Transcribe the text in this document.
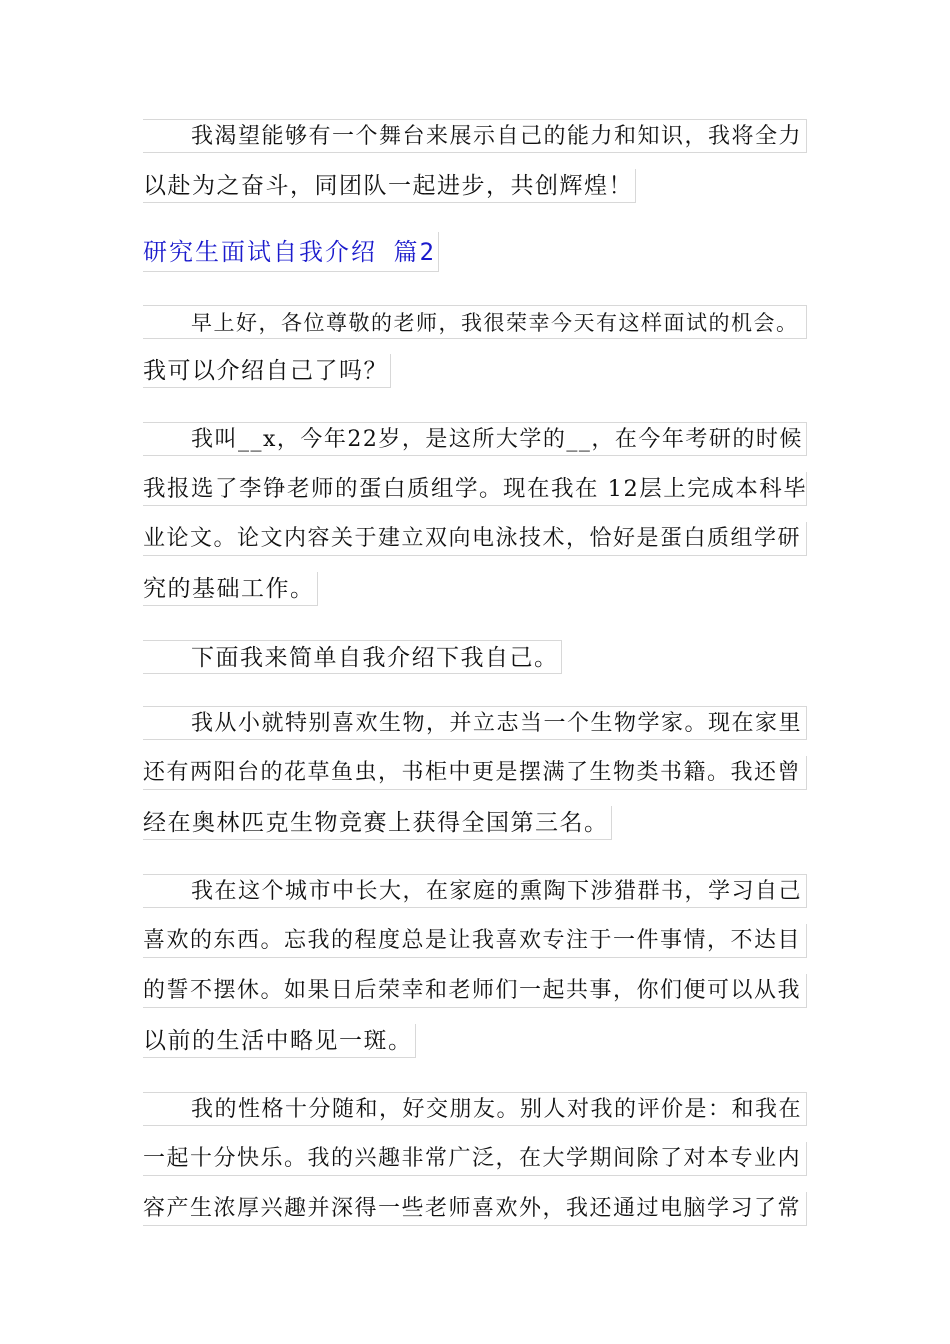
我渴望能够有一个舞台来展示自己的能力和知识，我将全力
以赴为之奋斗，同团队一起进步，共创辉煌！
研究生面试自我介绍 篇2
早上好，各位尊敬的老师，我很荣幸今天有这样面试的机会。
我可以介绍自己了吗？
我叫__x，今年22岁，是这所大学的__，在今年考研的时候
我报选了李铮老师的蛋白质组学。现在我在 12层上完成本科毕
业论文。论文内容关于建立双向电泳技术，恰好是蛋白质组学研
究的基础工作。
下面我来简单自我介绍下我自己。
我从小就特别喜欢生物，并立志当一个生物学家。现在家里
还有两阳台的花草鱼虫，书柜中更是摆满了生物类书籍。我还曾
经在奥林匹克生物竞赛上获得全国第三名。
我在这个城市中长大，在家庭的熏陶下涉猎群书，学习自己
喜欢的东西。忘我的程度总是让我喜欢专注于一件事情，不达目
的誓不摆休。如果日后荣幸和老师们一起共事，你们便可以从我
以前的生活中略见一斑。
我的性格十分随和，好交朋友。别人对我的评价是：和我在
一起十分快乐。我的兴趣非常广泛，在大学期间除了对本专业内
容产生浓厚兴趣并深得一些老师喜欢外，我还通过电脑学习了常
